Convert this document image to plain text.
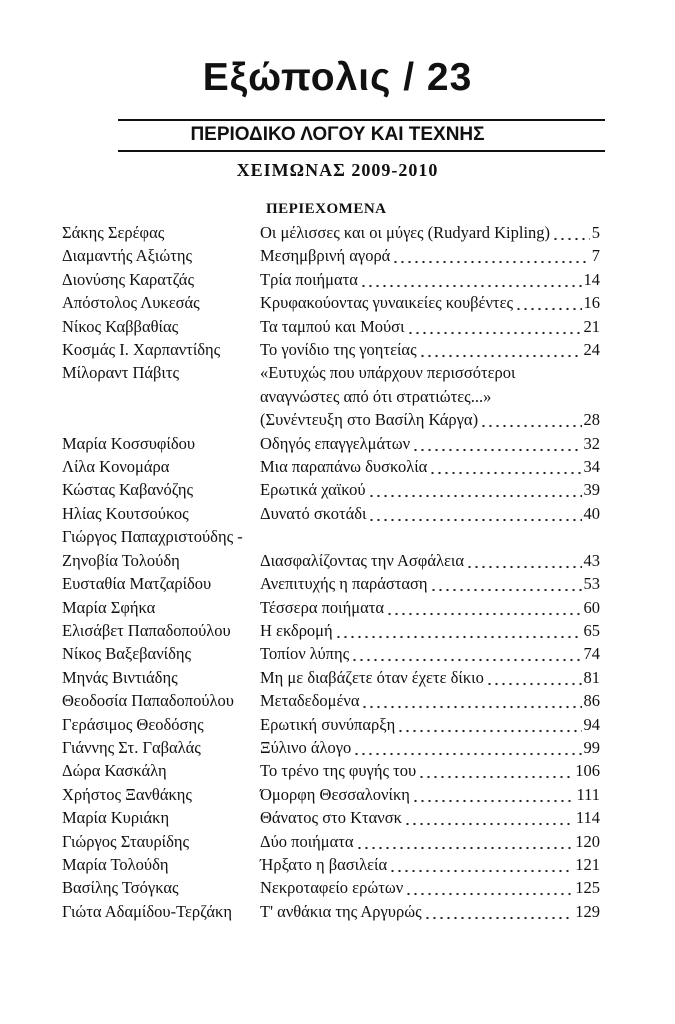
Εξώπολις / 23
ΠΕΡΙΟΔΙΚΟ ΛΟΓΟΥ ΚΑΙ ΤΕΧΝΗΣ
ΧΕΙΜΩΝΑΣ 2009-2010
ΠΕΡΙΕΧΟΜΕΝΑ
Σάκης Σερέφας	Οι μέλισσες και οι μύγες (Rudyard Kipling)	5
Διαμαντής Αξιώτης	Μεσημβρινή αγορά	7
Διονύσης Καρατζάς	Τρία ποιήματα	14
Απόστολος Λυκεσάς	Κρυφακούοντας γυναικείες κουβέντες	16
Νίκος Καββαθίας	Τα ταμπού και Μούσι	21
Κοσμάς Ι. Χαρπαντίδης	Το γονίδιο της γοητείας	24
Μίλοραντ Πάβιτς	«Ευτυχώς που υπάρχουν περισσότεροι
αναγνώστες από ότι στρατιώτες...»
(Συνέντευξη στο Βασίλη Κάργα)	28
Μαρία Κοσσυφίδου	Οδηγός επαγγελμάτων	32
Λίλα Κονομάρα	Μια παραπάνω δυσκολία	34
Κώστας Καβανόζης	Ερωτικά χαϊκού	39
Ηλίας Κουτσούκος	Δυνατό σκοτάδι	40
Γιώργος Παπαχριστούδης -
Ζηνοβία Τολούδη	Διασφαλίζοντας την Ασφάλεια	43
Ευσταθία Ματζαρίδου	Ανεπιτυχής η παράσταση	53
Μαρία Σφήκα	Τέσσερα ποιήματα	60
Ελισάβετ Παπαδοπούλου	Η εκδρομή	65
Νίκος Βαξεβανίδης	Τοπίον λύπης	74
Μηνάς Βιντιάδης	Μη με διαβάζετε όταν έχετε δίκιο	81
Θεοδοσία Παπαδοπούλου	Μεταδεδομένα	86
Γεράσιμος Θεοδόσης	Ερωτική συνύπαρξη	94
Γιάννης Στ. Γαβαλάς	Ξύλινο άλογο	99
Δώρα Κασκάλη	Το τρένο της φυγής του	106
Χρήστος Ξανθάκης	Όμορφη Θεσσαλονίκη	111
Μαρία Κυριάκη	Θάνατος στο Κτανσκ	114
Γιώργος Σταυρίδης	Δύο ποιήματα	120
Μαρία Τολούδη	Ήρξατο η βασιλεία	121
Βασίλης Τσόγκας	Νεκροταφείο ερώτων	125
Γιώτα Αδαμίδου-Τερζάκη	Τ' ανθάκια της Αργυρώς	129
